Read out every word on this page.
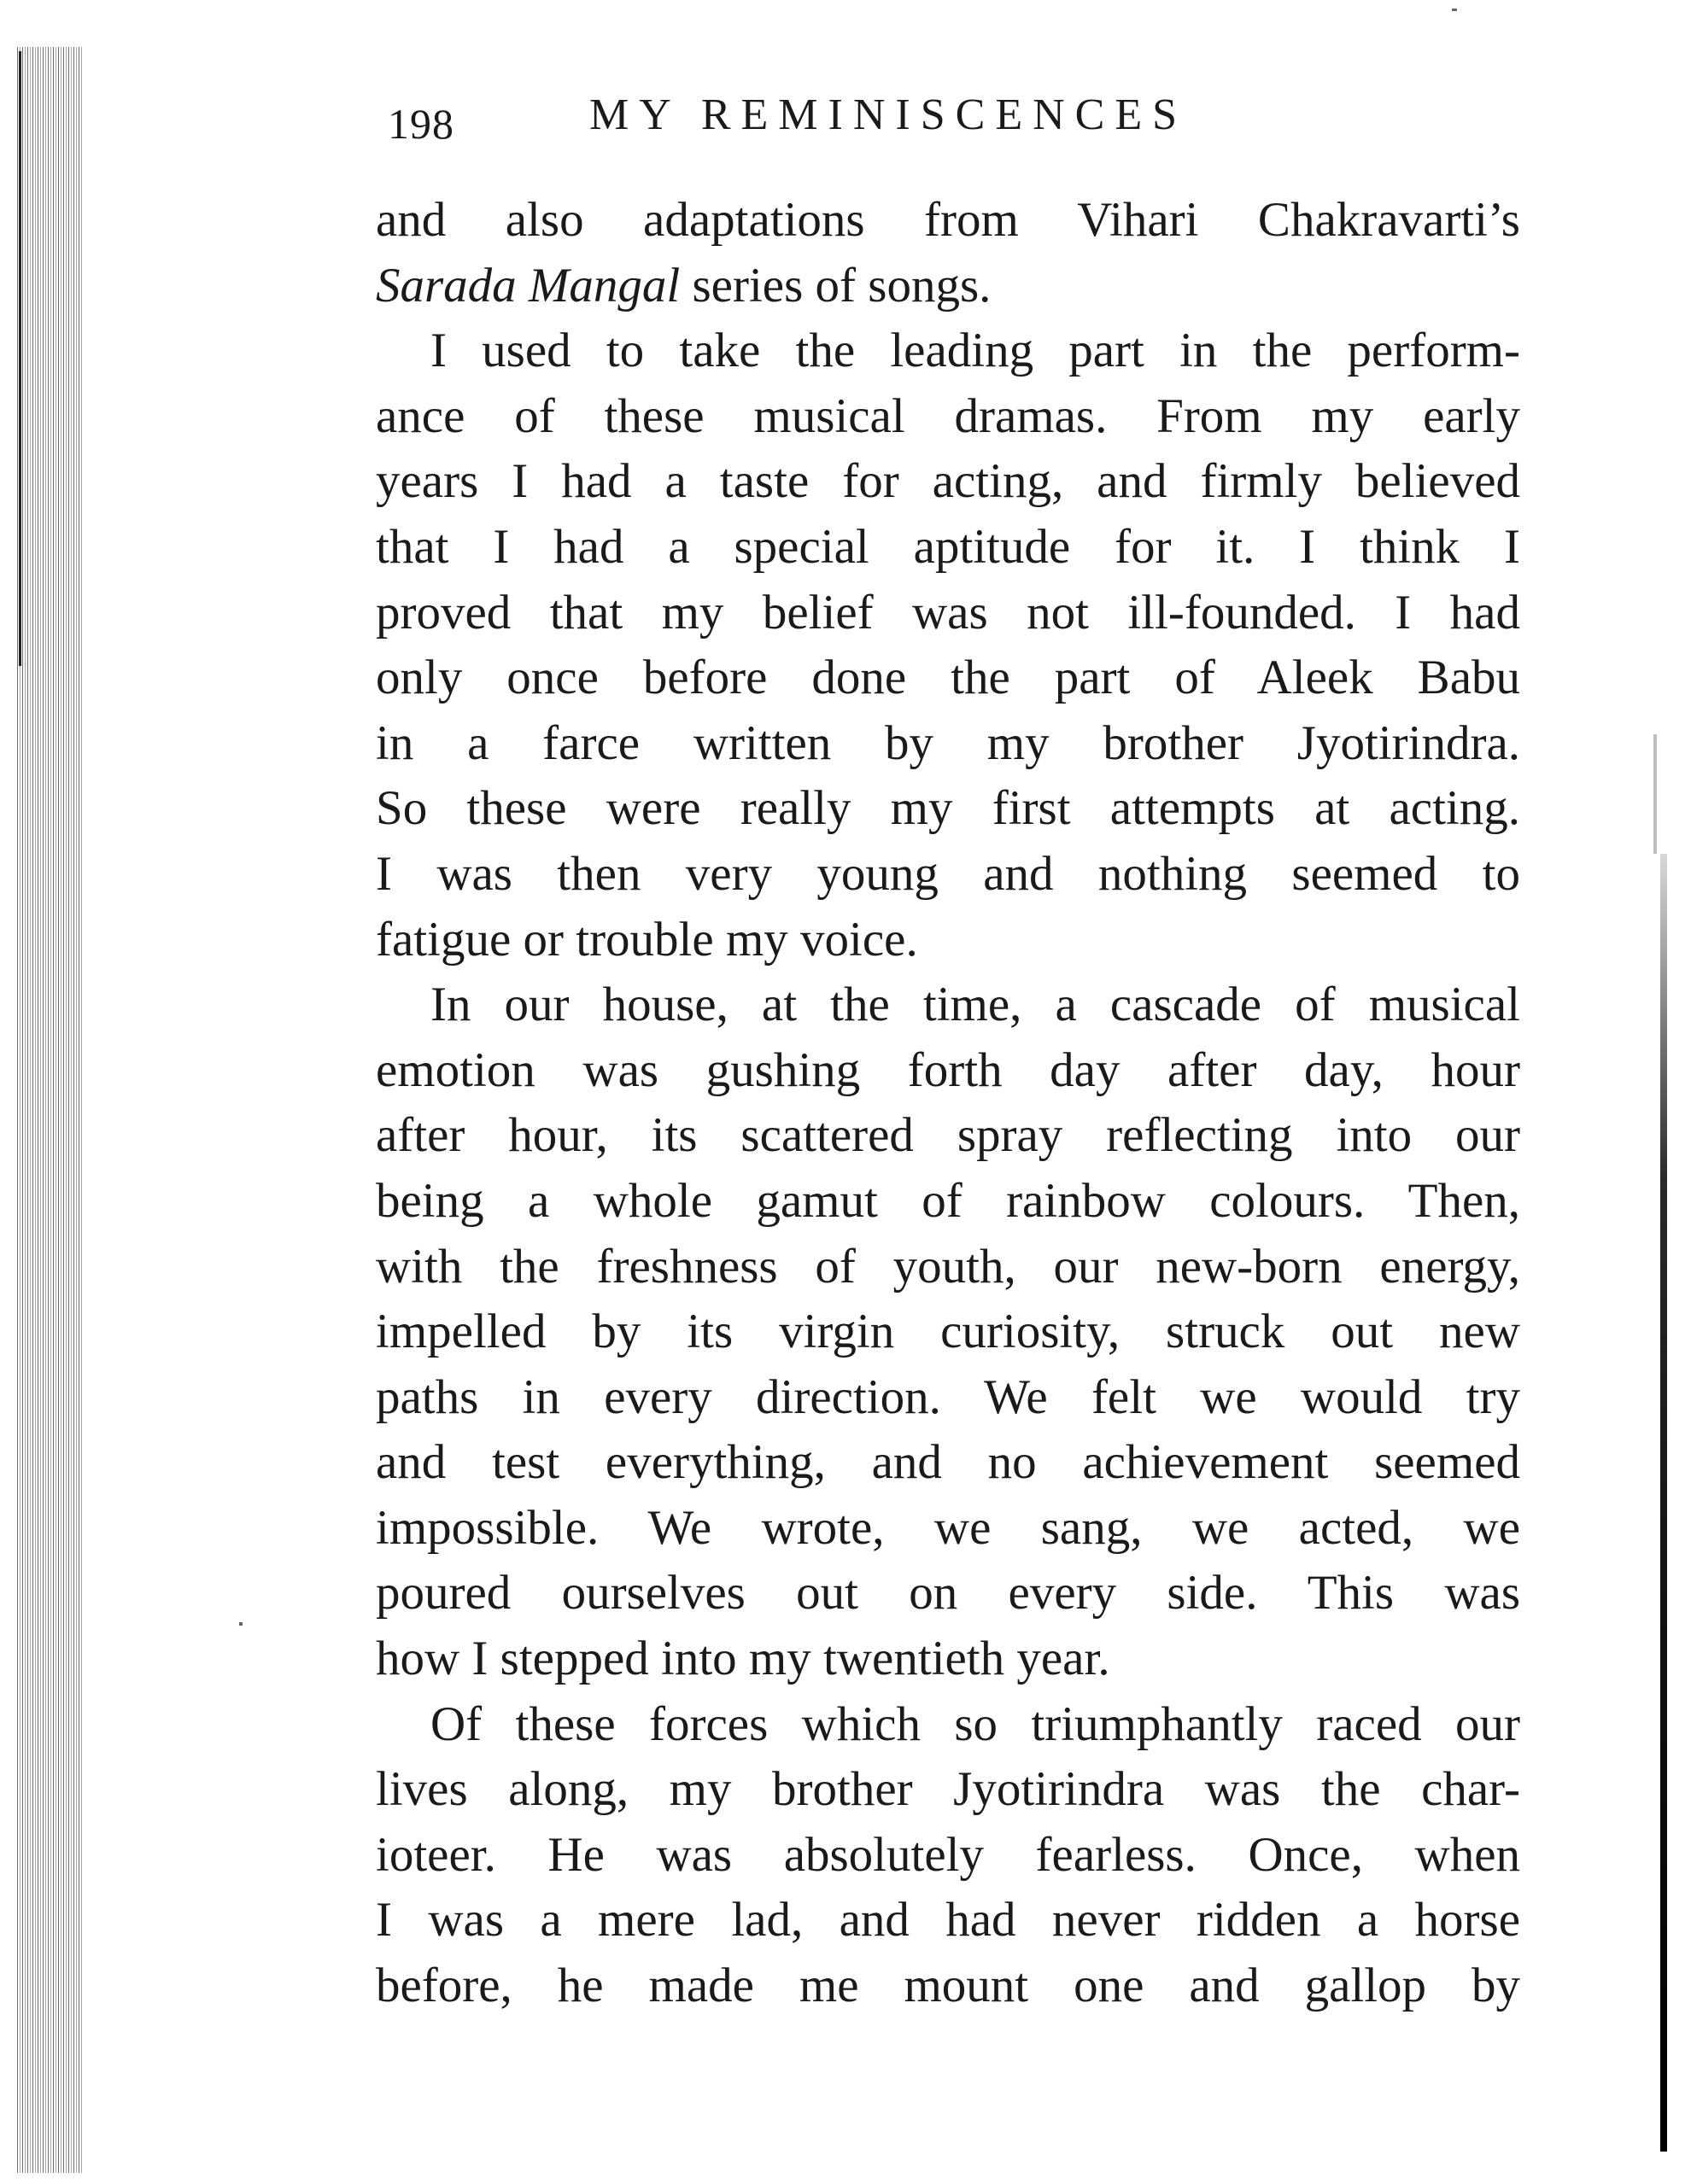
198	MY REMINISCENCES
and also adaptations from Vihari Chakravarti’s
Sarada Mangal series of songs.
I used to take the leading part in the perform-
ance of these musical dramas. From my early
years I had a taste for acting, and firmly believed
that I had a special aptitude for it. I think I
proved that my belief was not ill-founded. I had
only once before done the part of Aleek Babu
in a farce written by my brother Jyotirindra.
So these were really my first attempts at acting.
I was then very young and nothing seemed to
fatigue or trouble my voice.
In our house, at the time, a cascade of musical
emotion was gushing forth day after day, hour
after hour, its scattered spray reflecting into our
being a whole gamut of rainbow colours. Then,
with the freshness of youth, our new-born energy,
impelled by its virgin curiosity, struck out new
paths in every direction. We felt we would try
and test everything, and no achievement seemed
impossible. We wrote, we sang, we acted, we
poured ourselves out on every side. This was
how I stepped into my twentieth year.
Of these forces which so triumphantly raced our
lives along, my brother Jyotirindra was the char-
ioteer. He was absolutely fearless. Once, when
I was a mere lad, and had never ridden a horse
before, he made me mount one and gallop by
